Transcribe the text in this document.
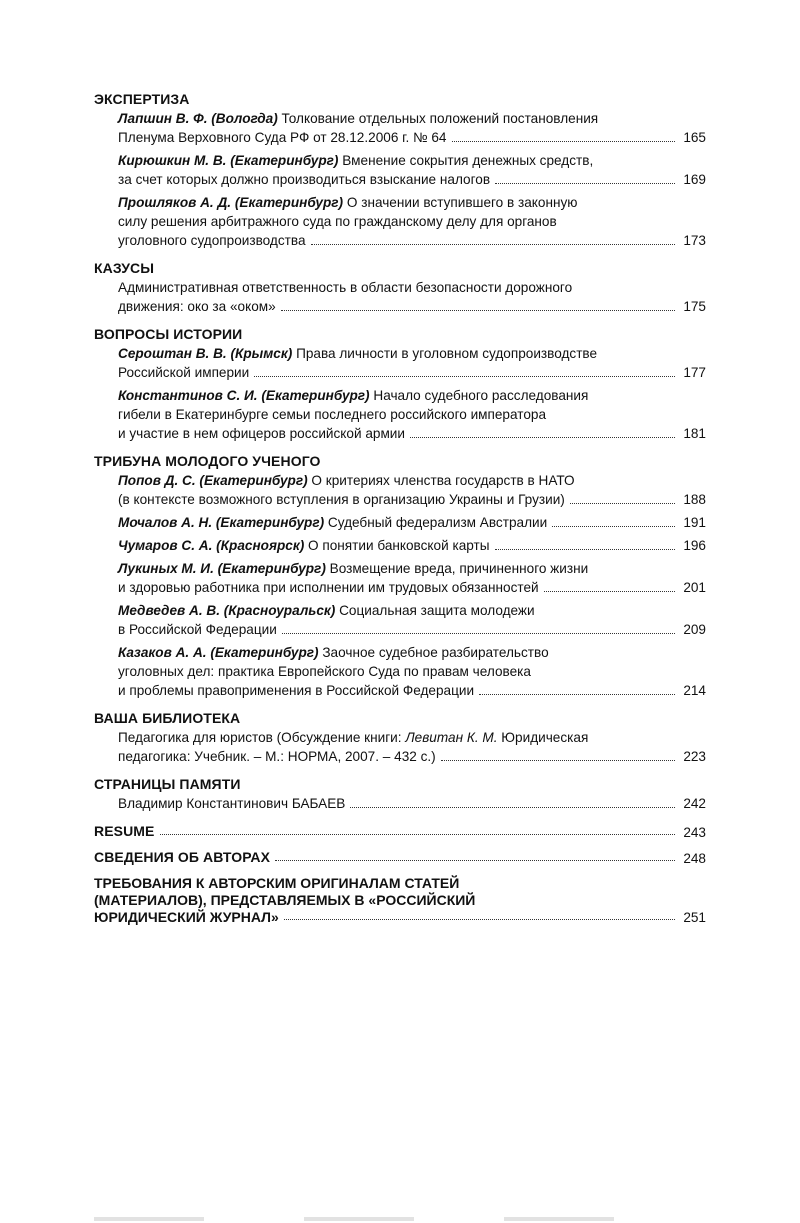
ЭКСПЕРТИЗА
Лапшин В. Ф. (Вологда) Толкование отдельных положений постановления
Пленума Верховного Суда РФ от 28.12.2006 г. № 64	165
Кирюшкин М. В. (Екатеринбург) Вменение сокрытия денежных средств,
за счет которых должно производиться взыскание налогов	169
Прошляков А. Д. (Екатеринбург) О значении вступившего в законную
силу решения арбитражного суда по гражданскому делу для органов
уголовного судопроизводства	173
КАЗУСЫ
Административная ответственность в области безопасности дорожного
движения: око за «оком»	175
ВОПРОСЫ ИСТОРИИ
Сероштан В. В. (Крымск) Права личности в уголовном судопроизводстве
Российской империи	177
Константинов С. И. (Екатеринбург) Начало судебного расследования
гибели в Екатеринбурге семьи последнего российского императора
и участие в нем офицеров российской армии	181
ТРИБУНА МОЛОДОГО УЧЕНОГО
Попов Д. С. (Екатеринбург) О критериях членства государств в НАТО
(в контексте возможного вступления в организацию Украины и Грузии)	188
Мочалов А. Н. (Екатеринбург) Судебный федерализм Австралии	191
Чумаров С. А. (Красноярск) О понятии банковской карты	196
Лукиных М. И. (Екатеринбург) Возмещение вреда, причиненного жизни
и здоровью работника при исполнении им трудовых обязанностей	201
Медведев А. В. (Красноуральск) Социальная защита молодежи
в Российской Федерации	209
Казаков А. А. (Екатеринбург) Заочное судебное разбирательство
уголовных дел: практика Европейского Суда по правам человека
и проблемы правоприменения в Российской Федерации	214
ВАША БИБЛИОТЕКА
Педагогика для юристов (Обсуждение книги: Левитан К. М. Юридическая
педагогика: Учебник. – М.: НОРМА, 2007. – 432 с.)	223
СТРАНИЦЫ ПАМЯТИ
Владимир Константинович БАБАЕВ	242
RESUME	243
СВЕДЕНИЯ ОБ АВТОРАХ	248
ТРЕБОВАНИЯ К АВТОРСКИМ ОРИГИНАЛАМ СТАТЕЙ
(МАТЕРИАЛОВ), ПРЕДСТАВЛЯЕМЫХ В «РОССИЙСКИЙ
ЮРИДИЧЕСКИЙ ЖУРНАЛ»	251
